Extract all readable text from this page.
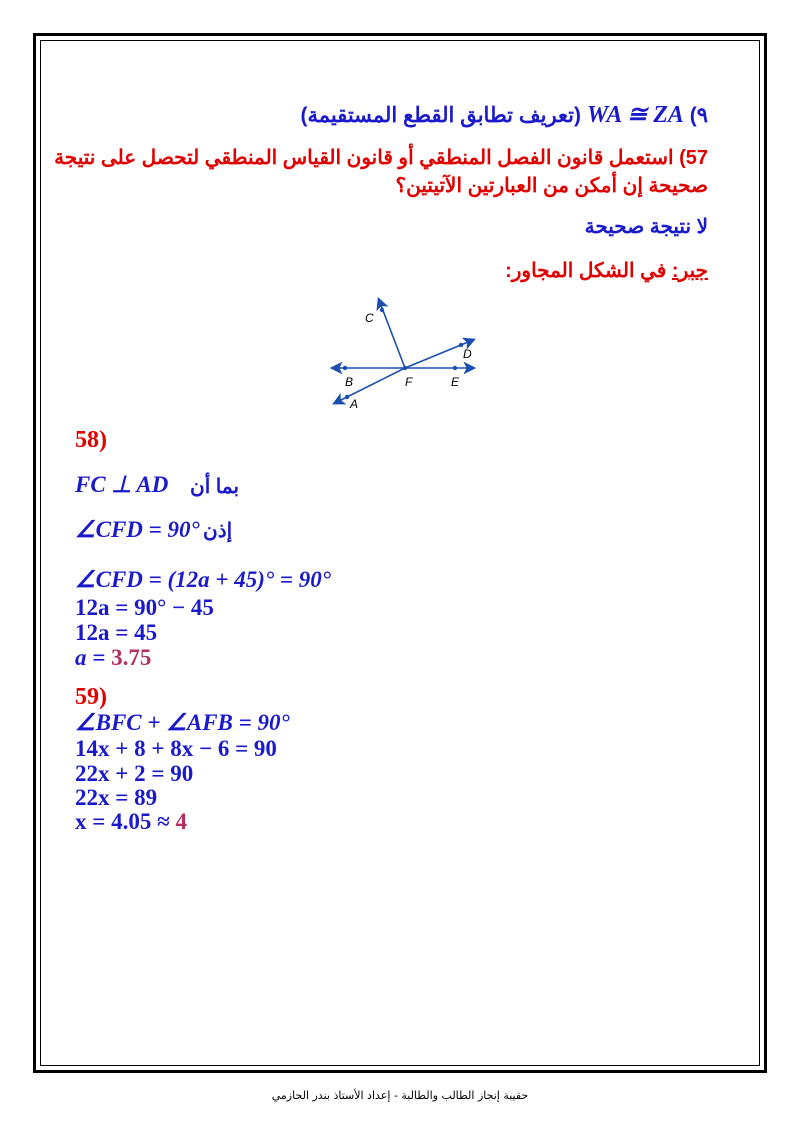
٩) WA ≅ ZA (تعريف تطابق القطع المستقيمة)
57) استعمل قانون الفصل المنطقي أو قانون القياس المنطقي لتحصل على نتيجة
صحيحة إن أمكن من العبارتين الآتيتين؟
لا نتيجة صحيحة
جبر: في الشكل المجاور:
C
D
B	F	E
A
58)
FC ⊥ AD بما أن
∠CFD = 90° إذن
∠CFD = (12a + 45)° = 90°
12a = 90° − 45
12a = 45
a = 3.75
59)
∠BFC + ∠AFB = 90°
14x + 8 + 8x − 6 = 90
22x + 2 = 90
22x = 89
x = 4.05 ≈ 4
حقيبة إنجاز الطالب والطالبة - إعداد الأستاذ بندر الحازمي
